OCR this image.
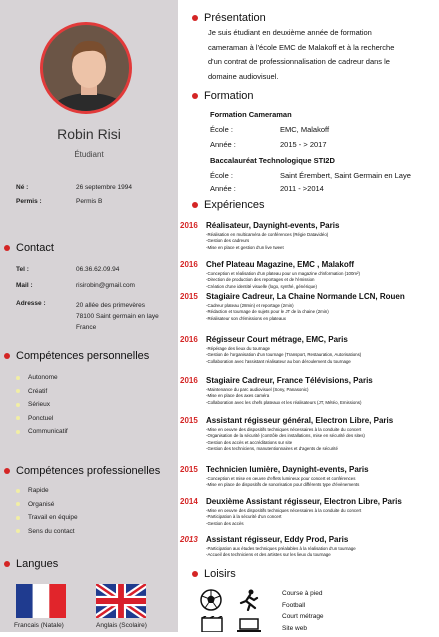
Robin Risi
Étudiant
Né :	26 septembre 1994
Permis :	Permis B
Contact
Tel :	06.36.62.09.94
Mail :	risirobin@gmail.com
Adresse :	20 allée des primevères
78100 Saint germain en laye
France
Compétences personnelles
Autonome
Créatif
Sérieux
Ponctuel
Communicatif
Compétences professionelles
Rapide
Organisé
Travail en équipe
Sens du contact
Langues
Francais (Natale)	Anglais (Scolaire)
Présentation
Je suis étudiant en deuxième année de formation
cameraman à l'école EMC de Malakoff et à la recherche
d'un contrat de professionnalisation de cadreur dans le
domaine audiovisuel.
Formation
Formation Cameraman
École :	EMC, Malakoff
Année :	2015 - > 2017
Baccalauréat Technologique STI2D
École :	Saint Érembert, Saint Germain en Laye
Année :	2011 - >2014
Expériences
2016	Réalisateur, Daynight-events, Paris
-Réalisation en multicaméra de conférences (Régie Datavidéo)
-Gestion des cadreurs
-Mise en place et gestion d'un live tweet
2016	Chef Plateau Magazine, EMC , Malakoff
-Conception et réalisation d'un plateau pour un magazine d'information (100m²)
-Direction de production des reportages et de l'émission
-Création d'une identité visuelle (logo, synthé, générique)
2015	Stagiaire Cadreur, La Chaine Normande LCN, Rouen
-Cadreur plateau (28min) et reportage (2min)
-Rédaction et tournage de sujets pour le JT de la chaine (2min)
-Réalisateur son d'émissions en plateaux
2016	Régisseur Court métrage, EMC, Paris
-Répérage des lieux du tournage
-Gestion de l'organisation d'un tournage (Transport, Restauration, Autorisations)
-Collaboration avec l'assistant réalisateur au bon déroulement du tournage
2016	Stagiaire Cadreur, France Télévisions, Paris
-Maintenance du parc audiovisuel (Sony, Panasonic)
-Mise en place des axes caméra
-Collaboration avec les chefs plateaux et les réalisateurs (JT, Météo, Emissions)
2015	Assistant régisseur général, Electron Libre, Paris
-Mise en oeuvre des dispositifs techniques nécessaires à la conduite du concert
-Organisation de la sécurité (contrôle des installations, mise en sécurité des sites)
-Gestion des accès et accréditations sur site
-Gestion des techniciens, manutentionnaires et d'agents de sécurité
2015	Technicien lumière, Daynight-events, Paris
-Conception et mise en oeuvre d'effets lumineux pour concert et conférences
-Mise en place de dispositifs de sonorisation pour différents type d'évènements
2014	Deuxième Assistant régisseur, Electron Libre, Paris
-Mise en oeuvre des dispositifs techniques nécessaires à la conduite du concert
-Participation à la sécurité d'un concert
-Gestion des accès
2013	Assistant régisseur, Eddy Prod, Paris
-Participation aux études techniques préalables à la réalisation d'un tournage
-Accueil des techniciens et des artistes sur les lieux du tournage
Loisirs
Course à pied
Football
Court métrage
Site web
